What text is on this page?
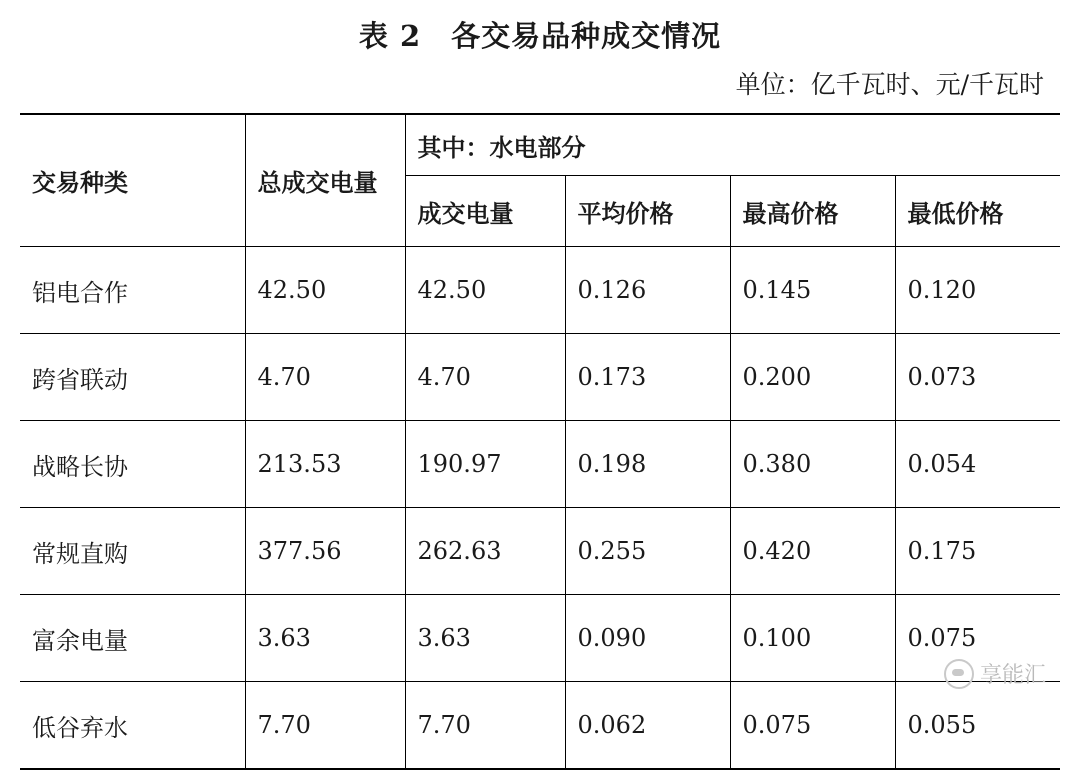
表 2　各交易品种成交情况
单位：亿千瓦时、元/千瓦时
交易种类	总成交电量	其中：水电部分			
		成交电量	平均价格	最高价格	最低价格
铝电合作	42.50	42.50	0.126	0.145	0.120
跨省联动	4.70	4.70	0.173	0.200	0.073
战略长协	213.53	190.97	0.198	0.380	0.054
常规直购	377.56	262.63	0.255	0.420	0.175
富余电量	3.63	3.63	0.090	0.100	0.075
低谷弃水	7.70	7.70	0.062	0.075	0.055
享能汇
